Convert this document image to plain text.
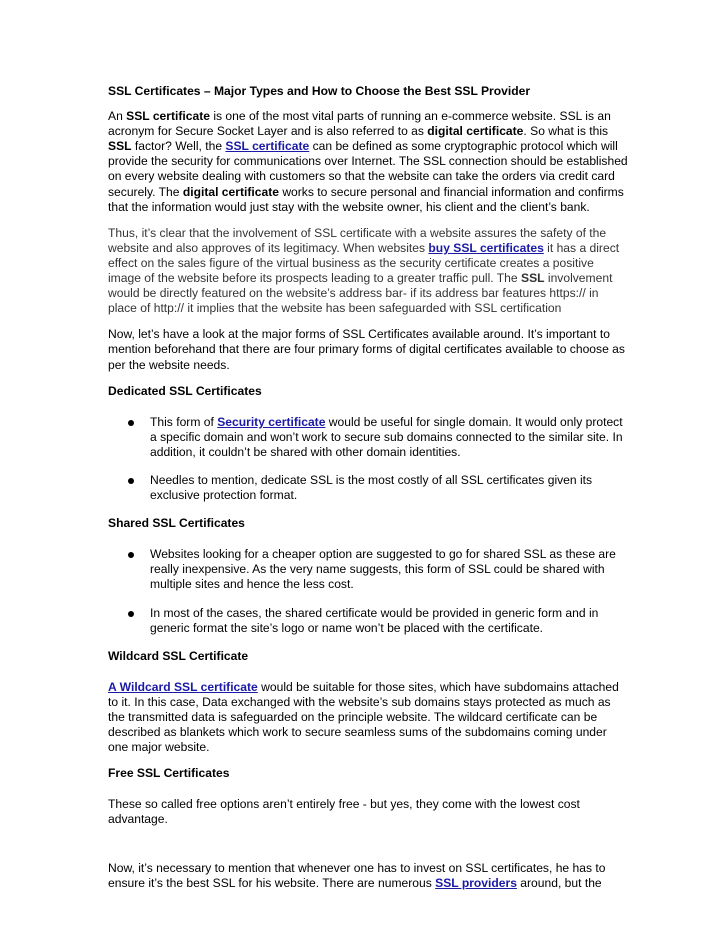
SSL Certificates – Major Types and How to Choose the Best SSL Provider

An SSL certificate is one of the most vital parts of running an e-commerce website. SSL is an acronym for Secure Socket Layer and is also referred to as digital certificate. So what is this SSL factor? Well, the SSL certificate can be defined as some cryptographic protocol which will provide the security for communications over Internet. The SSL connection should be established on every website dealing with customers so that the website can take the orders via credit card securely. The digital certificate works to secure personal and financial information and confirms that the information would just stay with the website owner, his client and the client’s bank.

Thus, it’s clear that the involvement of SSL certificate with a website assures the safety of the website and also approves of its legitimacy. When websites buy SSL certificates it has a direct effect on the sales figure of the virtual business as the security certificate creates a positive image of the website before its prospects leading to a greater traffic pull. The SSL involvement would be directly featured on the website’s address bar- if its address bar features https:// in place of http:// it implies that the website has been safeguarded with SSL certification

Now, let’s have a look at the major forms of SSL Certificates available around. It’s important to mention beforehand that there are four primary forms of digital certificates available to choose as per the website needs.

Dedicated SSL Certificates
This form of Security certificate would be useful for single domain. It would only protect a specific domain and won’t work to secure sub domains connected to the similar site. In addition, it couldn’t be shared with other domain identities.
Needles to mention, dedicate SSL is the most costly of all SSL certificates given its exclusive protection format.
Shared SSL Certificates
Websites looking for a cheaper option are suggested to go for shared SSL as these are really inexpensive. As the very name suggests, this form of SSL could be shared with multiple sites and hence the less cost.
In most of the cases, the shared certificate would be provided in generic form and in generic format the site’s logo or name won’t be placed with the certificate.
Wildcard SSL Certificate

A Wildcard SSL certificate would be suitable for those sites, which have subdomains attached to it. In this case, Data exchanged with the website’s sub domains stays protected as much as the transmitted data is safeguarded on the principle website. The wildcard certificate can be described as blankets which work to secure seamless sums of the subdomains coming under one major website.

Free SSL Certificates

These so called free options aren’t entirely free - but yes, they come with the lowest cost advantage.

Now, it’s necessary to mention that whenever one has to invest on SSL certificates, he has to ensure it’s the best SSL for his website. There are numerous SSL providers around, but the
